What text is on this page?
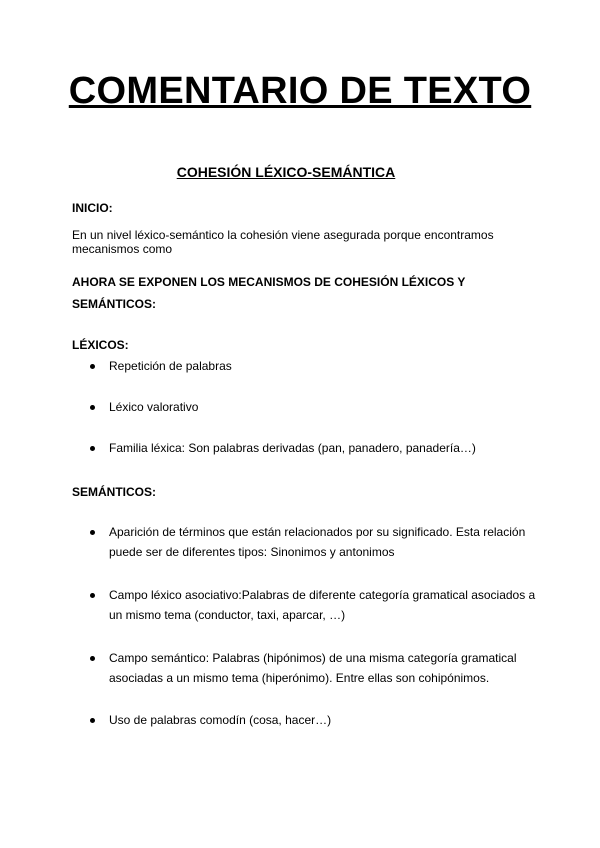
COMENTARIO DE TEXTO
COHESIÓN LÉXICO-SEMÁNTICA

INICIO:

En un nivel léxico-semántico la cohesión viene asegurada porque encontramos mecanismos como

AHORA SE EXPONEN LOS MECANISMOS DE COHESIÓN LÉXICOS Y SEMÁNTICOS:

LÉXICOS:

Repetición de palabras
Léxico valorativo
Familia léxica: Son palabras derivadas (pan, panadero, panadería…)

SEMÁNTICOS:

Aparición de términos que están relacionados por su significado. Esta relación puede ser de diferentes tipos: Sinonimos y antonimos
Campo léxico asociativo:Palabras de diferente categoría gramatical asociados a un mismo tema (conductor, taxi, aparcar, …)
Campo semántico: Palabras (hipónimos) de una misma categoría gramatical asociadas a un mismo tema (hiperónimo). Entre ellas son cohipónimos.
Uso de palabras comodín (cosa, hacer…)
